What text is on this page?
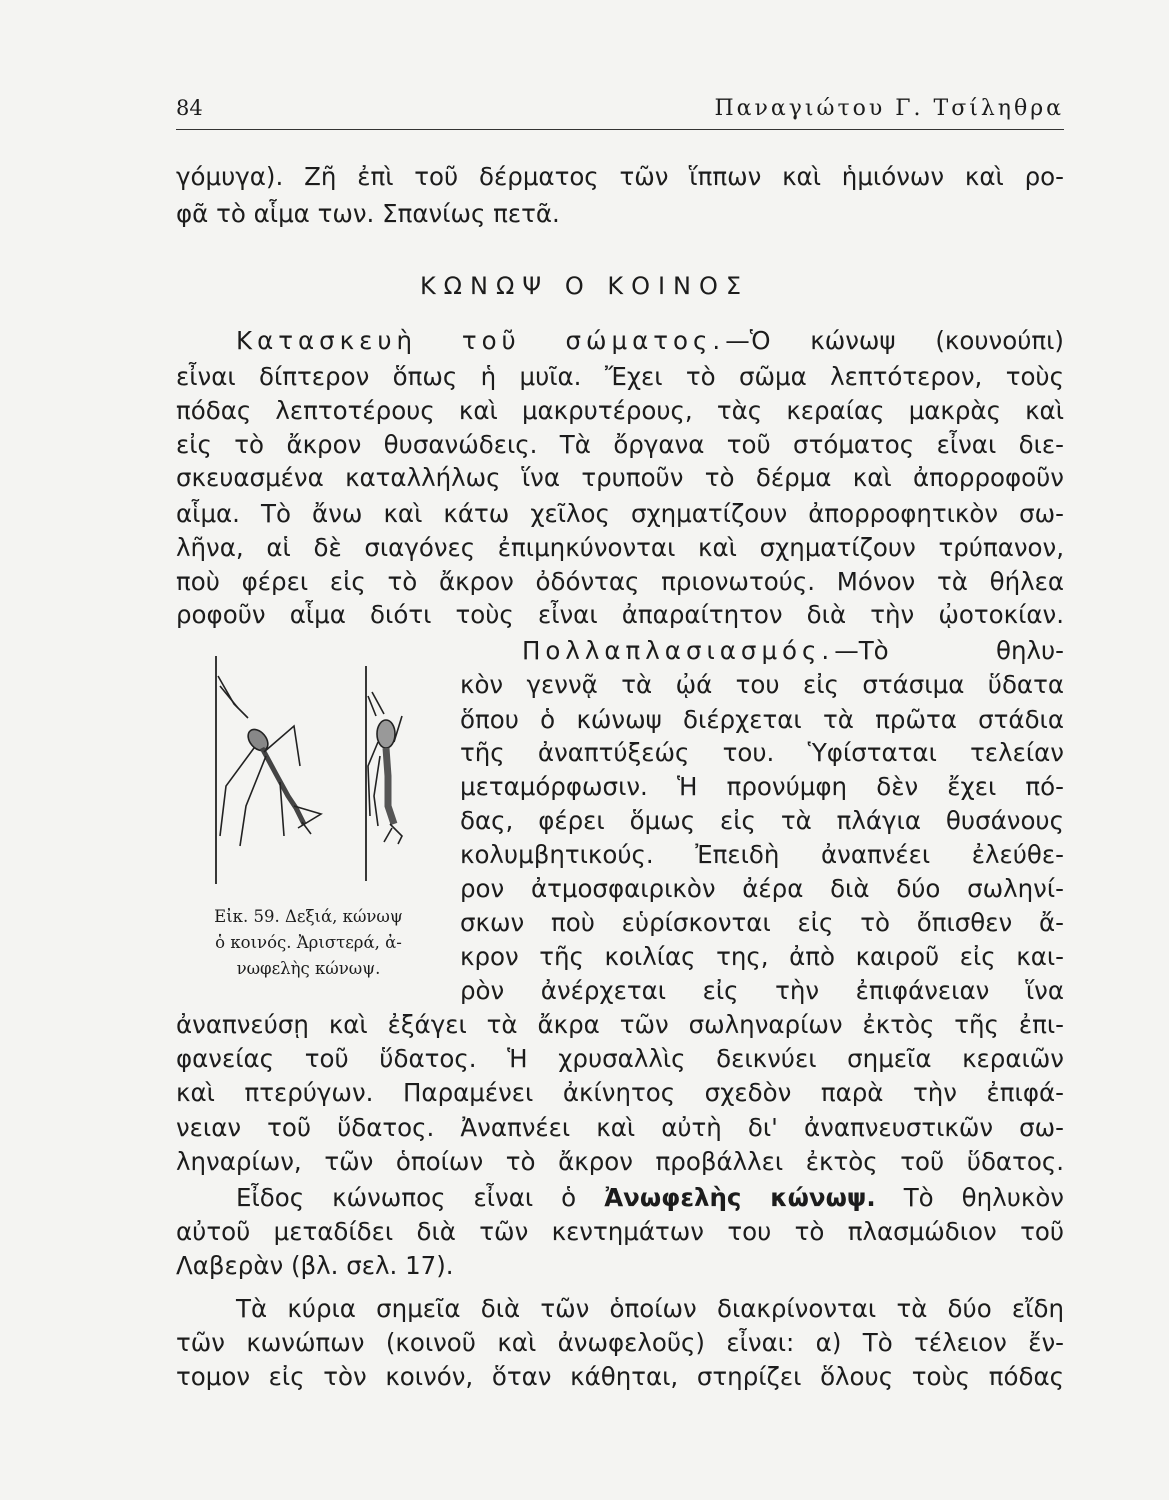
84	Παναγιώτου Γ. Τσίληθρα
γόμυγα). Ζῆ ἐπὶ τοῦ δέρματος τῶν ἵππων καὶ ἡμιόνων καὶ ρο-
φᾶ τὸ αἷμα των. Σπανίως πετᾶ.
ΚΩΝΩΨ Ο ΚΟΙΝΟΣ
Κατασκευὴ τοῦ σώματος.—Ὁ κώνωψ (κουνούπι)
εἶναι δίπτερον ὅπως ἡ μυῖα. Ἔχει τὸ σῶμα λεπτότερον, τοὺς
πόδας λεπτοτέρους καὶ μακρυτέρους, τὰς κεραίας μακρὰς καὶ
εἰς τὸ ἄκρον θυσανώδεις. Τὰ ὄργανα τοῦ στόματος εἶναι διε-
σκευασμένα καταλλήλως ἵνα τρυποῦν τὸ δέρμα καὶ ἀπορροφοῦν
αἷμα. Τὸ ἄνω καὶ κάτω χεῖλος σχηματίζουν ἀπορροφητικὸν σω-
λῆνα, αἱ δὲ σιαγόνες ἐπιμηκύνονται καὶ σχηματίζουν τρύπανον,
ποὺ φέρει εἰς τὸ ἄκρον ὀδόντας πριονωτούς. Μόνον τὰ θήλεα
ροφοῦν αἷμα διότι τοὺς εἶναι ἀπαραίτητον διὰ τὴν ᾠοτοκίαν.
Πολλαπλασιασμός.—Τὸ θηλυ-
κὸν γεννᾷ τὰ ᾠά του εἰς στάσιμα ὕδατα
ὅπου ὁ κώνωψ διέρχεται τὰ πρῶτα στάδια
τῆς ἀναπτύξεώς του. Ὑφίσταται τελείαν
μεταμόρφωσιν. Ἡ προνύμφη δὲν ἔχει πό-
δας, φέρει ὅμως εἰς τὰ πλάγια θυσάνους
κολυμβητικούς. Ἐπειδὴ ἀναπνέει ἐλεύθε-
ρον ἀτμοσφαιρικὸν ἀέρα διὰ δύο σωληνί-
σκων ποὺ εὑρίσκονται εἰς τὸ ὄπισθεν ἄ-
κρον τῆς κοιλίας της, ἀπὸ καιροῦ εἰς και-
ρὸν ἀνέρχεται εἰς τὴν ἐπιφάνειαν ἵνα
ἀναπνεύσῃ καὶ ἐξάγει τὰ ἄκρα τῶν σωληναρίων ἐκτὸς τῆς ἐπι-
φανείας τοῦ ὕδατος. Ἡ χρυσαλλὶς δεικνύει σημεῖα κεραιῶν
καὶ πτερύγων. Παραμένει ἀκίνητος σχεδὸν παρὰ τὴν ἐπιφά-
νειαν τοῦ ὕδατος. Ἀναπνέει καὶ αὐτὴ δι' ἀναπνευστικῶν σω-
ληναρίων, τῶν ὁποίων τὸ ἄκρον προβάλλει ἐκτὸς τοῦ ὕδατος.
Εἶδος κώνωπος εἶναι ὁ Ἀνωφελὴς κώνωψ. Τὸ θηλυκὸν
αὐτοῦ μεταδίδει διὰ τῶν κεντημάτων του τὸ πλασμώδιον τοῦ
Λαβερὰν (βλ. σελ. 17).
Τὰ κύρια σημεῖα διὰ τῶν ὁποίων διακρίνονται τὰ δύο εἴδη
τῶν κωνώπων (κοινοῦ καὶ ἀνωφελοῦς) εἶναι: α) Τὸ τέλειον ἔν-
τομον εἰς τὸν κοινόν, ὅταν κάθηται, στηρίζει ὅλους τοὺς πόδας
Εἰκ. 59. Δεξιά, κώνωψ
ὁ κοινός. Ἀριστερά, ἀ-
νωφελὴς κώνωψ.
